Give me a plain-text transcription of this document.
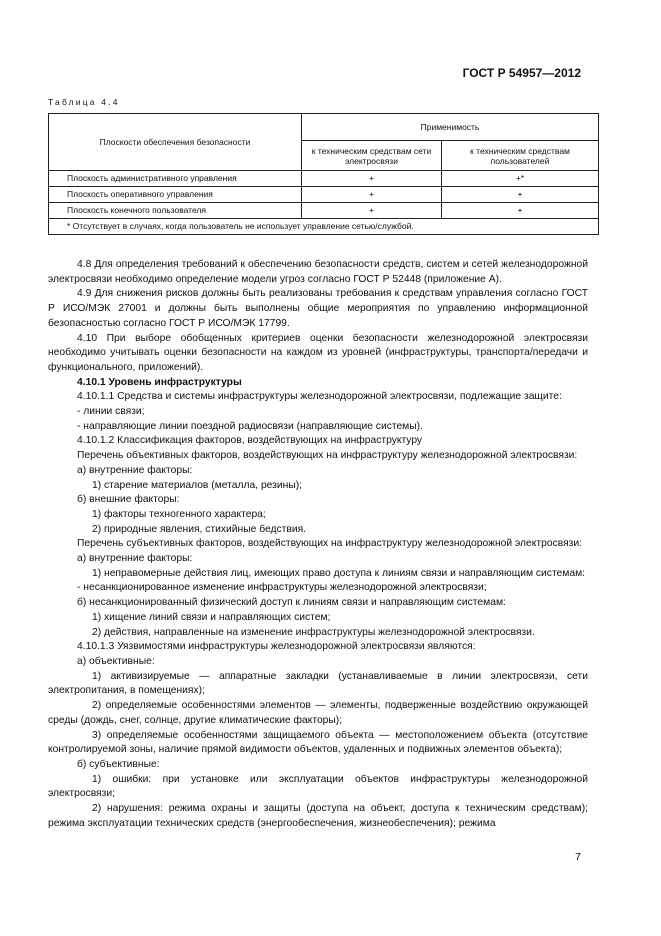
ГОСТ Р 54957—2012
Таблица 4.4
Плоскости обеспечения безопасности	Применимость	
	к техническим средствам сети электросвязи	к техническим средствам пользователей
Плоскость административного управления	+	+*
Плоскость оперативного управления	+	+
Плоскость конечного пользователя	+	+
* Отсутствует в случаях, когда пользователь не использует управление сетью/службой.		

4.8 Для определения требований к обеспечению безопасности средств, систем и сетей железнодорожной электросвязи необходимо определение модели угроз согласно ГОСТ Р 52448 (приложение А).

4.9 Для снижения рисков должны быть реализованы требования к средствам управления согласно ГОСТ Р ИСО/МЭК 27001 и должны быть выполнены общие мероприятия по управлению информационной безопасностью согласно ГОСТ Р ИСО/МЭК 17799.

4.10 При выборе обобщенных критериев оценки безопасности железнодорожной электросвязи необходимо учитывать оценки безопасности на каждом из уровней (инфраструктуры, транспорта/передачи и функционального, приложений).

4.10.1 Уровень инфраструктуры

4.10.1.1 Средства и системы инфраструктуры железнодорожной электросвязи, подлежащие защите:

- линии связи;

- направляющие линии поездной радиосвязи (направляющие системы).

4.10.1.2 Классификация факторов, воздействующих на инфраструктуру

Перечень объективных факторов, воздействующих на инфраструктуру железнодорожной электросвязи:

а) внутренние факторы:

1) старение материалов (металла, резины);

б) внешние факторы:

1) факторы техногенного характера;

2) природные явления, стихийные бедствия.

Перечень субъективных факторов, воздействующих на инфраструктуру железнодорожной электросвязи:

а) внутренние факторы:

1) неправомерные действия лиц, имеющих право доступа к линиям связи и направляющим системам:

- несанкционированное изменение инфраструктуры железнодорожной электросвязи;

б) несанкционированный физический доступ к линиям связи и направляющим системам:

1) хищение линий связи и направляющих систем;

2) действия, направленные на изменение инфраструктуры железнодорожной электросвязи.

4.10.1.3 Уязвимостями инфраструктуры железнодорожной электросвязи являются:

а) объективные:

1) активизируемые — аппаратные закладки (устанавливаемые в линии электросвязи, сети электропитания, в помещениях);

2) определяемые особенностями элементов — элементы, подверженные воздействию окружающей среды (дождь, снег, солнце, другие климатические факторы);

3) определяемые особенностями защищаемого объекта — местоположением объекта (отсутствие контролируемой зоны, наличие прямой видимости объектов, удаленных и подвижных элементов объекта);

б) субъективные:

1) ошибки: при установке или эксплуатации объектов инфраструктуры железнодорожной электросвязи;

2) нарушения: режима охраны и защиты (доступа на объект, доступа к техническим средствам); режима эксплуатации технических средств (энергообеспечения, жизнеобеспечения); режима

7
